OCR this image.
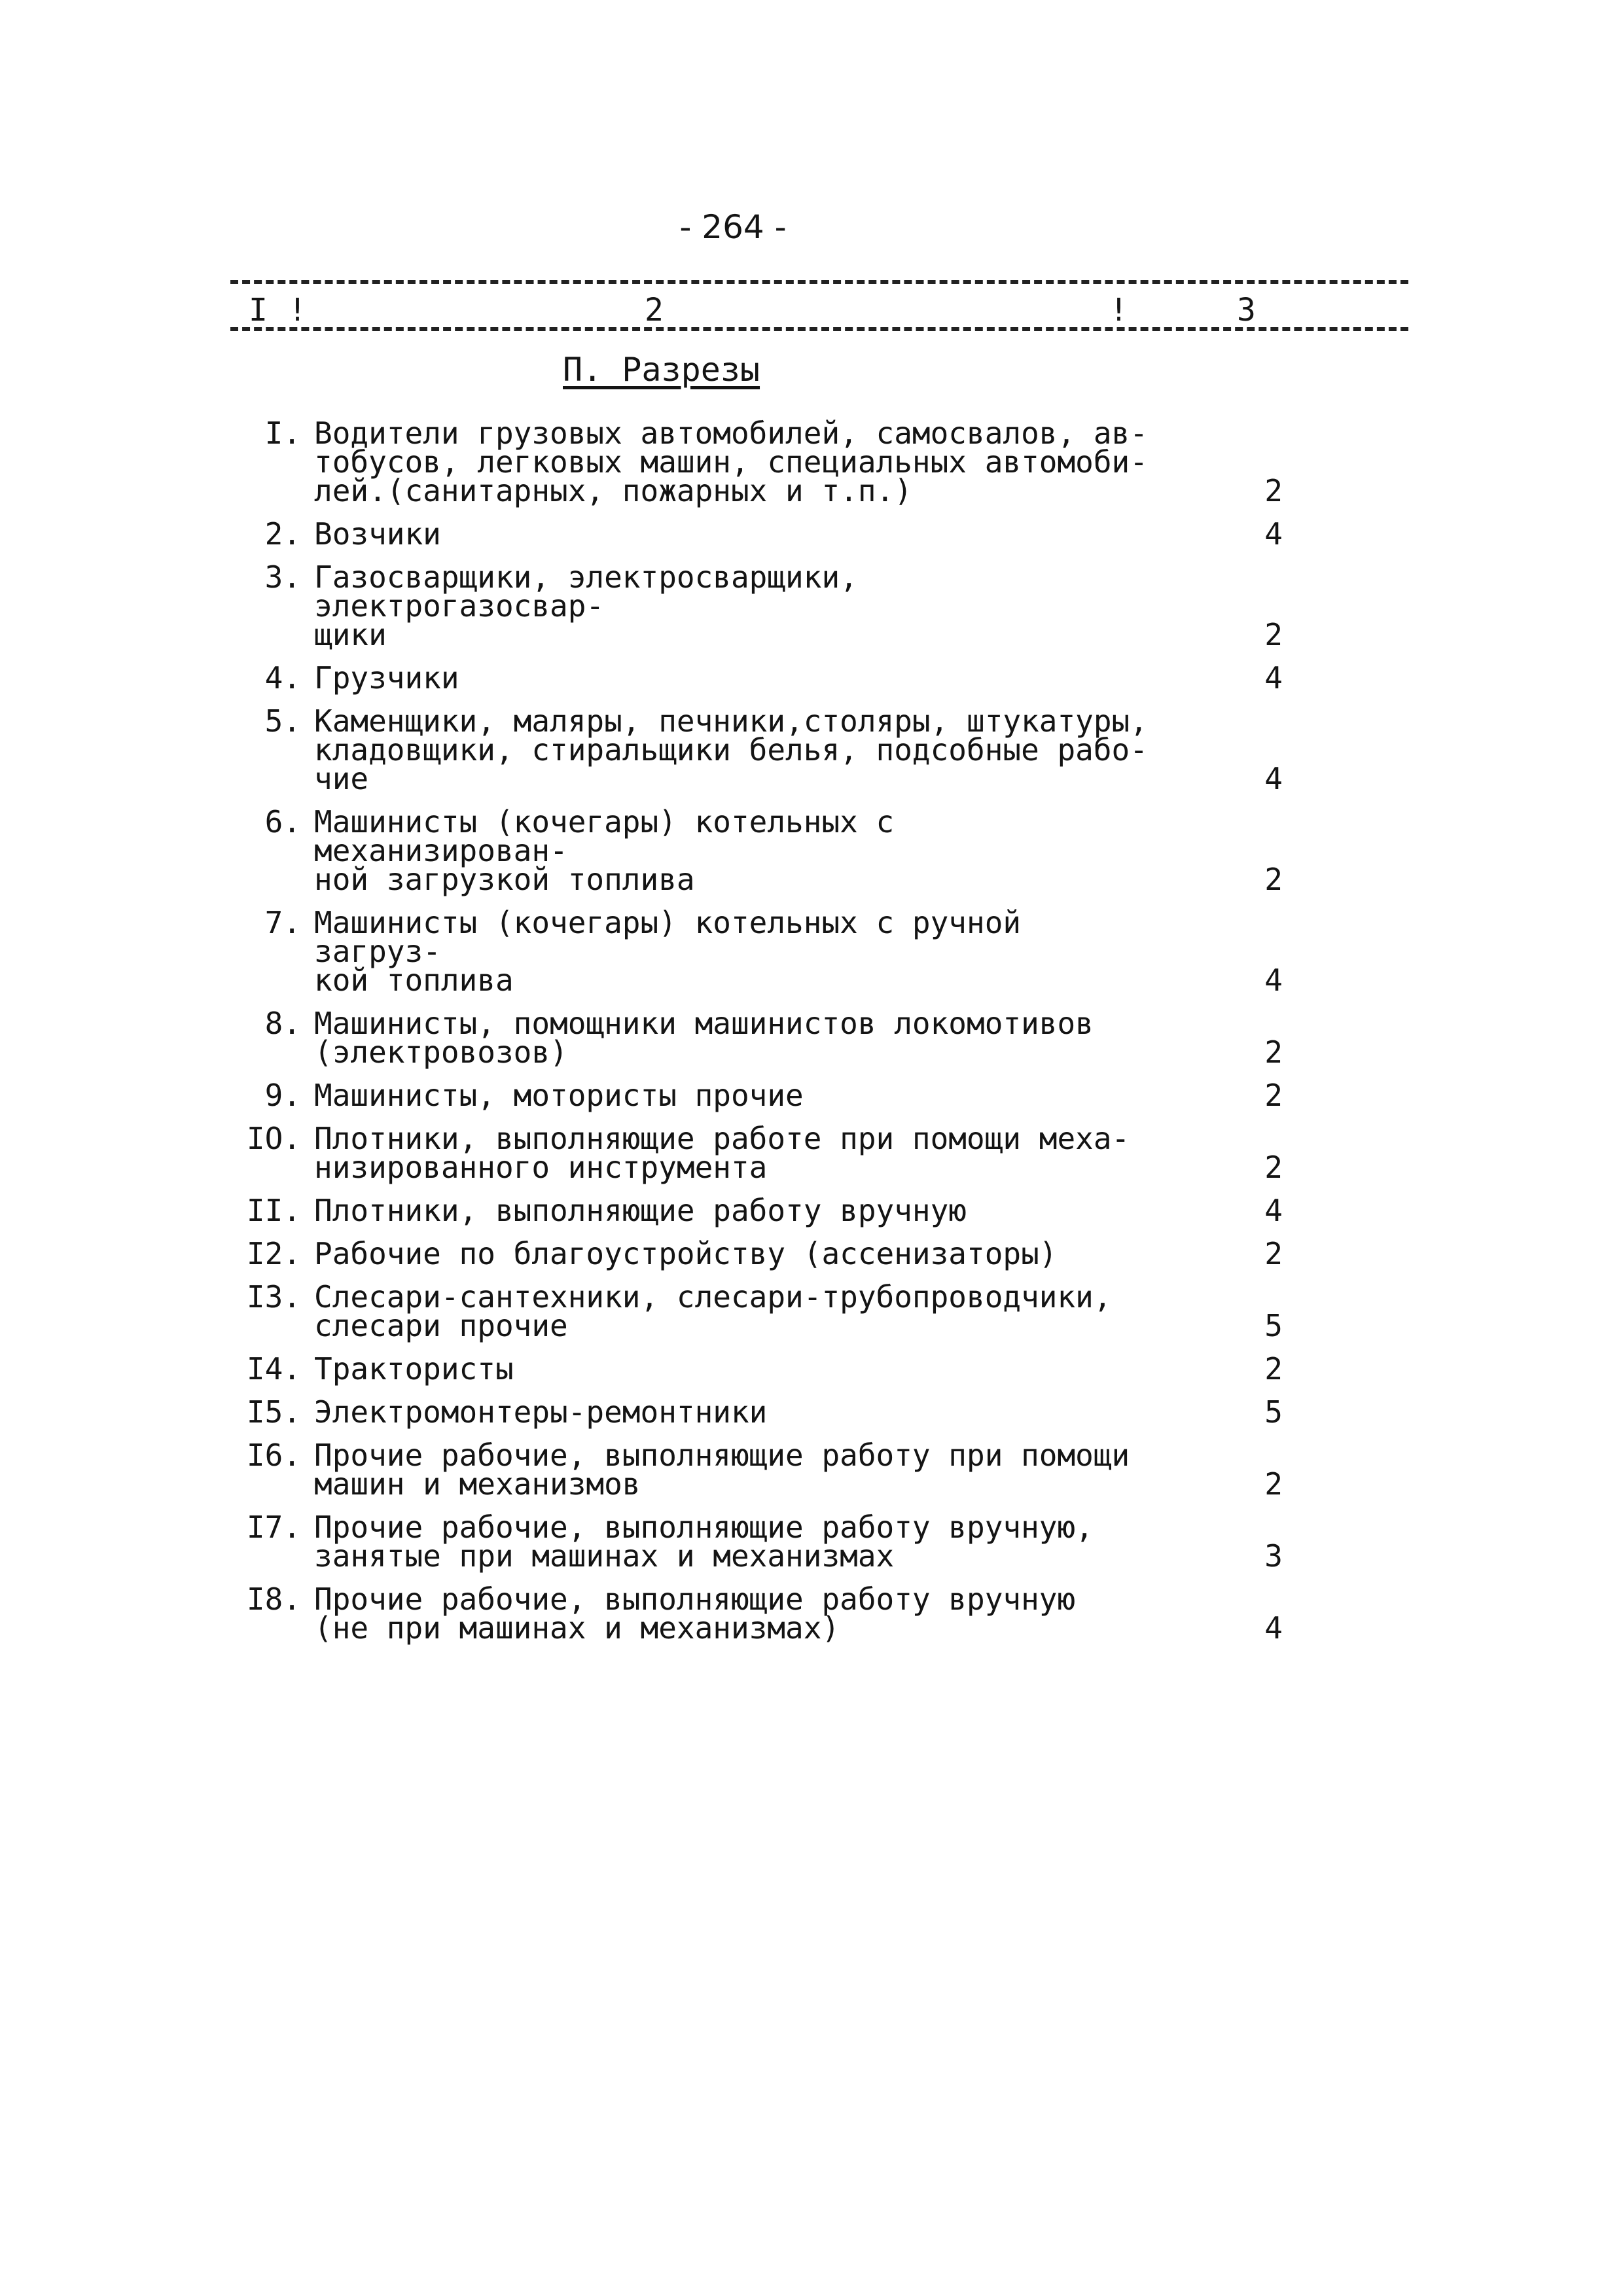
- 264 -
I !	2	!	3
П. Разрезы
I. Водители грузовых автомобилей, самосвалов, ав-
тобусов, легковых машин, специальных автомоби-
лей.(санитарных, пожарных и т.п.)	2
2. Возчики	4
3. Газосварщики, электросварщики, электрогазосвар-
щики	2
4. Грузчики	4
5. Каменщики, маляры, печники,столяры, штукатуры,
кладовщики, стиральщики белья, подсобные рабо-
чие	4
6. Машинисты (кочегары) котельных с механизирован-
ной загрузкой топлива	2
7. Машинисты (кочегары) котельных с ручной загруз-
кой топлива	4
8. Машинисты, помощники машинистов локомотивов
(электровозов)	2
9. Машинисты, мотористы прочие	2
IO. Плотники, выполняющие работе при помощи меха-
низированного инструмента	2
II. Плотники, выполняющие работу вручную	4
I2. Рабочие по благоустройству (ассенизаторы)	2
I3. Слесари-сантехники, слесари-трубопроводчики,
слесари прочие	5
I4. Трактористы	2
I5. Электромонтеры-ремонтники	5
I6. Прочие рабочие, выполняющие работу при помощи
машин и механизмов	2
I7. Прочие рабочие, выполняющие работу вручную,
занятые при машинах и механизмах	3
I8. Прочие рабочие, выполняющие работу вручную
(не при машинах и механизмах)	4
